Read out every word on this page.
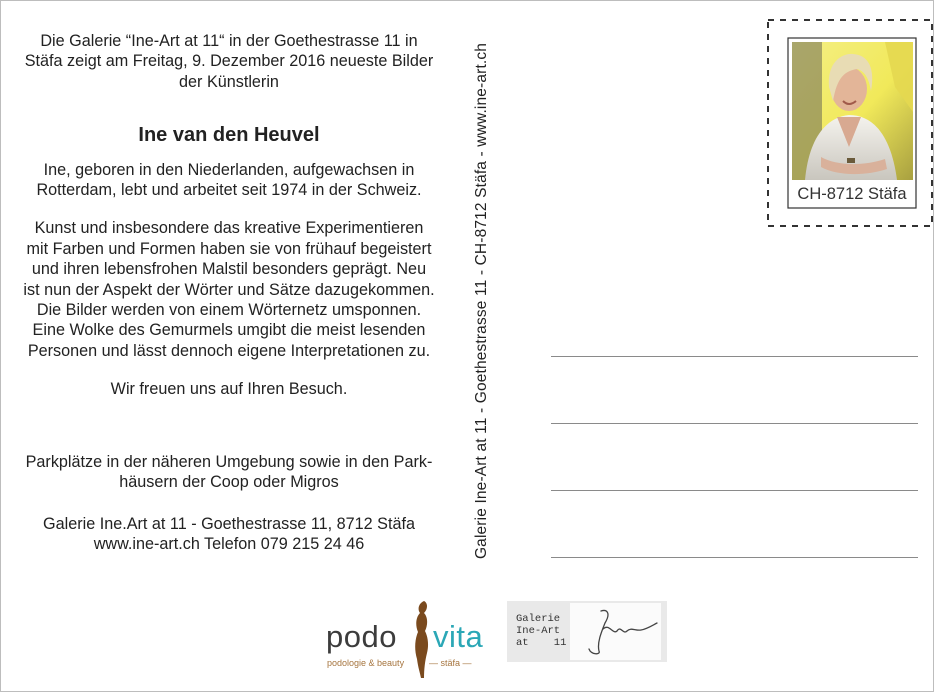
Die Galerie “Ine-Art at 11“ in der Goethestrasse 11 in

Stäfa zeigt am Freitag, 9. Dezember 2016 neueste Bilder

der Künstlerin

Ine van den Heuvel

Ine, geboren in den Niederlanden, aufgewachsen in

Rotterdam, lebt und arbeitet seit 1974 in der Schweiz.

Kunst und insbesondere das kreative Experimentieren

mit Farben und Formen haben sie von frühauf begeistert

und ihren lebensfrohen Malstil besonders geprägt. Neu

ist nun der Aspekt der Wörter und Sätze dazugekommen.

Die Bilder werden von einem Wörternetz umsponnen.

Eine Wolke des Gemurmels umgibt die meist lesenden

Personen und lässt dennoch eigene Interpretationen zu.

Wir freuen uns auf Ihren Besuch.

Parkplätze in der näheren Umgebung sowie in den Park-

häusern der Coop oder Migros

Galerie Ine.Art at 11 - Goethestrasse 11, 8712 Stäfa

www.ine-art.ch Telefon 079 215 24 46	Galerie Ine-Art at 11 - Goethestrasse 11 - CH-8712 Stäfa - www.ine-art.ch	CH-8712 Stäfa
podo vita
podologie & beauty	— stäfa —
Galerie
Ine-Art
at    11
